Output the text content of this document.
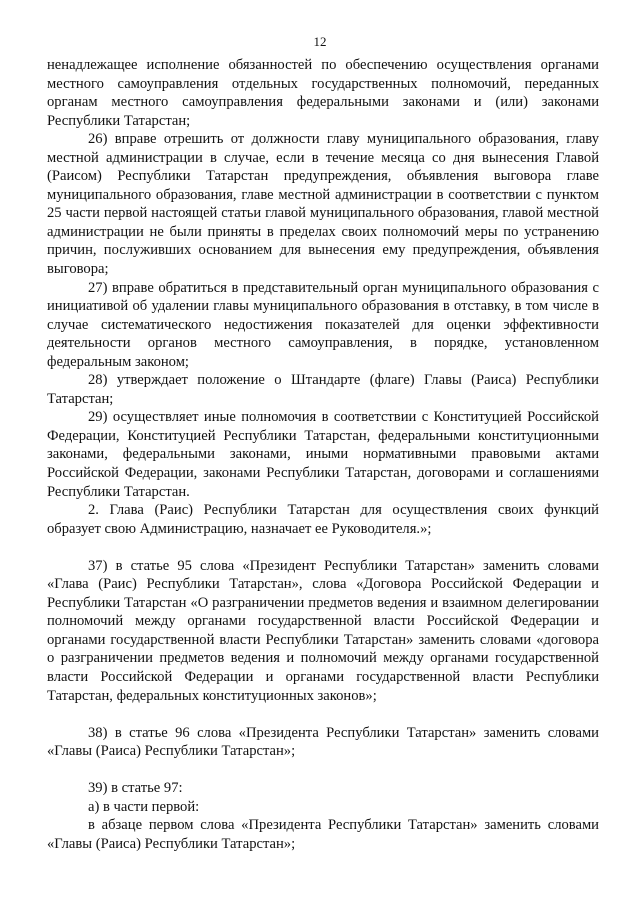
12

ненадлежащее исполнение обязанностей по обеспечению осуществления органами местного самоуправления отдельных государственных полномочий, переданных органам местного самоуправления федеральными законами и (или) законами Республики Татарстан;

26) вправе отрешить от должности главу муниципального образования, главу местной администрации в случае, если в течение месяца со дня вынесения Главой (Раисом) Республики Татарстан предупреждения, объявления выговора главе муниципального образования, главе местной администрации в соответствии с пунктом 25 части первой настоящей статьи главой муниципального образования, главой местной администрации не были приняты в пределах своих полномочий меры по устранению причин, послуживших основанием для вынесения ему предупреждения, объявления выговора;

27) вправе обратиться в представительный орган муниципального образования с инициативой об удалении главы муниципального образования в отставку, в том числе в случае систематического недостижения показателей для оценки эффективности деятельности органов местного самоуправления, в порядке, установленном федеральным законом;

28) утверждает положение о Штандарте (флаге) Главы (Раиса) Республики Татарстан;

29) осуществляет иные полномочия в соответствии с Конституцией Российской Федерации, Конституцией Республики Татарстан, федеральными конституционными законами, федеральными законами, иными нормативными правовыми актами Российской Федерации, законами Республики Татарстан, договорами и соглашениями Республики Татарстан.

2. Глава (Раис) Республики Татарстан для осуществления своих функций образует свою Администрацию, назначает ее Руководителя.»;

37) в статье 95 слова «Президент Республики Татарстан» заменить словами «Глава (Раис) Республики Татарстан», слова «Договора Российской Федерации и Республики Татарстан «О разграничении предметов ведения и взаимном делегировании полномочий между органами государственной власти Российской Федерации и органами государственной власти Республики Татарстан» заменить словами «договора о разграничении предметов ведения и полномочий между органами государственной власти Российской Федерации и органами государственной власти Республики Татарстан, федеральных конституционных законов»;

38) в статье 96 слова «Президента Республики Татарстан» заменить словами «Главы (Раиса) Республики Татарстан»;

39) в статье 97:

а) в части первой:

в абзаце первом слова «Президента Республики Татарстан» заменить словами «Главы (Раиса) Республики Татарстан»;
